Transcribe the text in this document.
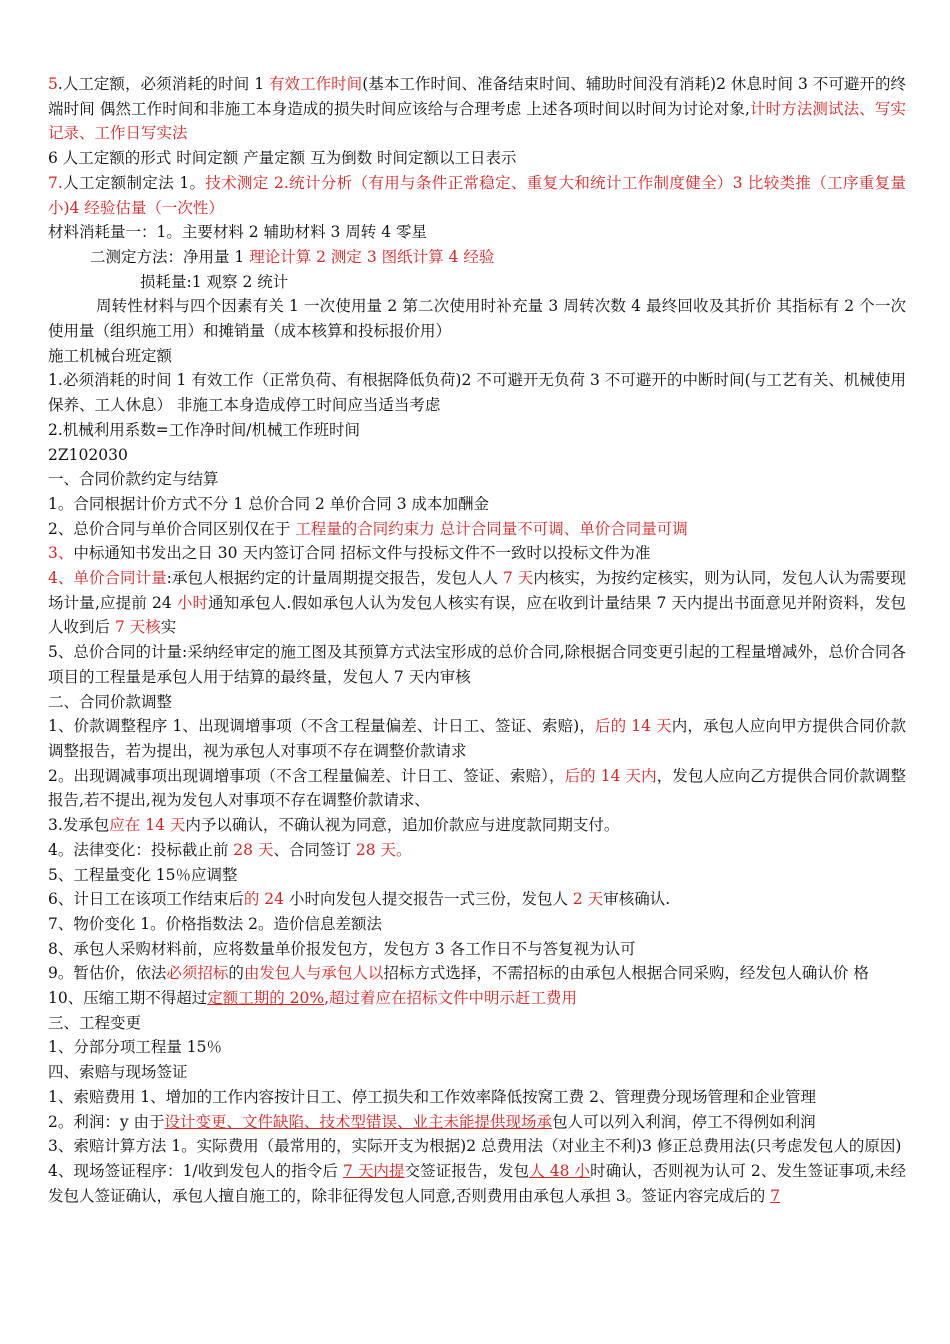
5.人工定额，必须消耗的时间 1 有效工作时间(基本工作时间、准备结束时间、辅助时间没有消耗)2 休息时间 3 不可避开的终端时间 偶然工作时间和非施工本身造成的损失时间应该给与合理考虑 上述各项时间以时间为讨论对象,计时方法测试法、写实记录、工作日写实法
6 人工定额的形式 时间定额 产量定额 互为倒数 时间定额以工日表示
7.人工定额制定法 1。技术测定 2.统计分析（有用与条件正常稳定、重复大和统计工作制度健全）3 比较类推（工序重复量小)4 经验估量（一次性）
材料消耗量一：1。主要材料 2 辅助材料 3 周转 4 零星
二测定方法：净用量 1 理论计算 2 测定 3 图纸计算 4 经验
损耗量:1 观察 2 统计
周转性材料与四个因素有关 1 一次使用量 2 第二次使用时补充量 3 周转次数 4 最终回收及其折价 其指标有 2 个一次使用量（组织施工用）和摊销量（成本核算和投标报价用）
施工机械台班定额
1.必须消耗的时间 1 有效工作（正常负荷、有根据降低负荷)2 不可避开无负荷 3 不可避开的中断时间(与工艺有关、机械使用保养、工人休息） 非施工本身造成停工时间应当适当考虑
2.机械利用系数=工作净时间/机械工作班时间
2Z102030
一、合同价款约定与结算
1。合同根据计价方式不分 1 总价合同 2 单价合同 3 成本加酬金
2、总价合同与单价合同区别仅在于 工程量的合同约束力 总计合同量不可调、单价合同量可调
3、中标通知书发出之日 30 天内签订合同 招标文件与投标文件不一致时以投标文件为准
4、单价合同计量:承包人根据约定的计量周期提交报告，发包人人 7 天内核实，为按约定核实，则为认同，发包人认为需要现场计量,应提前 24 小时通知承包人.假如承包人认为发包人核实有误，应在收到计量结果 7 天内提出书面意见并附资料，发包人收到后 7 天核实
5、总价合同的计量:采纳经审定的施工图及其预算方式法宝形成的总价合同,除根据合同变更引起的工程量增减外，总价合同各项目的工程量是承包人用于结算的最终量，发包人 7 天内审核
二、合同价款调整
1、价款调整程序 1、出现调增事项（不含工程量偏差、计日工、签证、索赔)，后的 14 天内，承包人应向甲方提供合同价款调整报告，若为提出，视为承包人对事项不存在调整价款请求
2。出现调减事项出现调增事项（不含工程量偏差、计日工、签证、索赔），后的 14 天内，发包人应向乙方提供合同价款调整报告,若不提出,视为发包人对事项不存在调整价款请求、
3.发承包应在 14 天内予以确认，不确认视为同意，追加价款应与进度款同期支付。
4。法律变化：投标截止前 28 天、合同签订 28 天。
5、工程量变化 15％应调整
6、计日工在该项工作结束后的 24 小时向发包人提交报告一式三份，发包人 2 天审核确认.
7、物价变化 1。价格指数法 2。造价信息差额法
8、承包人采购材料前，应将数量单价报发包方，发包方 3 各工作日不与答复视为认可
9。暂估价，依法必须招标的由发包人与承包人以招标方式选择，不需招标的由承包人根据合同采购，经发包人确认价 格
10、压缩工期不得超过定额工期的 20%,超过着应在招标文件中明示赶工费用
三、工程变更
1、分部分项工程量 15％
四、索赔与现场签证
1、索赔费用 1、增加的工作内容按计日工、停工损失和工作效率降低按窝工费 2、管理费分现场管理和企业管理
2。利润：y 由于设计变更、文件缺陷、技术型错误、业主未能提供现场承包人可以列入利润，停工不得例如利润
3、索赔计算方法 1。实际费用（最常用的，实际开支为根据)2 总费用法（对业主不利)3 修正总费用法(只考虑发包人的原因)
4、现场签证程序：1/收到发包人的指令后 7 天内提交签证报告，发包人 48 小时确认，否则视为认可 2、发生签证事项,未经发包人签证确认，承包人擅自施工的，除非征得发包人同意,否则费用由承包人承担 3。签证内容完成后的 7
